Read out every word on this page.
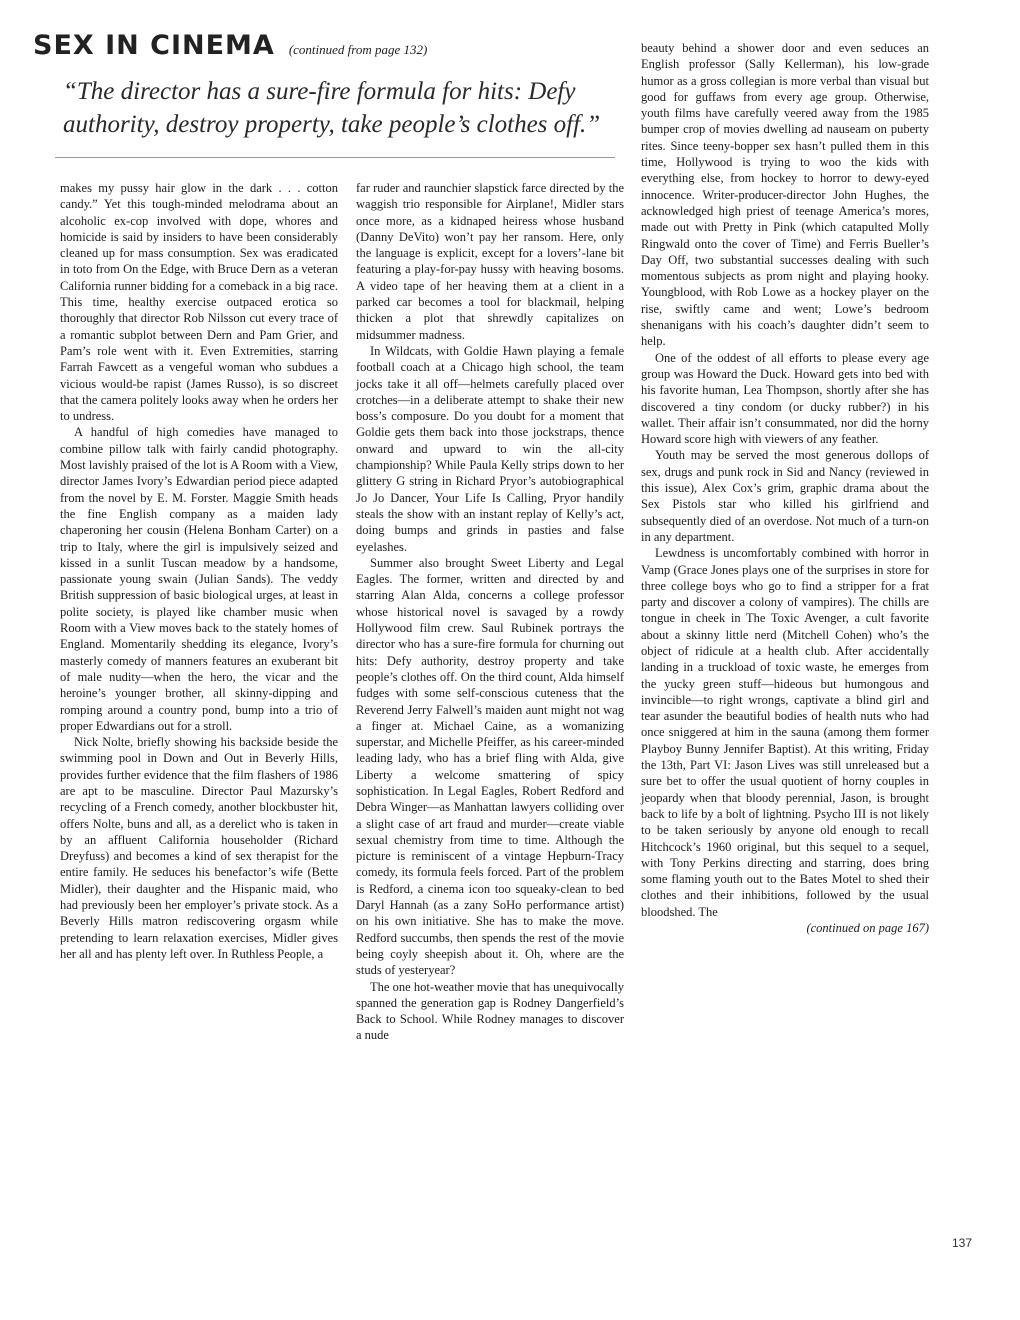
SEX IN CINEMA (continued from page 132)
“The director has a sure-fire formula for hits: Defy authority, destroy property, take people’s clothes off.”

makes my pussy hair glow in the dark . . . cotton candy.” Yet this tough-minded melodrama about an alcoholic ex-cop involved with dope, whores and homicide is said by insiders to have been considerably cleaned up for mass consumption. Sex was eradicated in toto from On the Edge, with Bruce Dern as a veteran California runner bidding for a comeback in a big race. This time, healthy exercise outpaced erotica so thoroughly that director Rob Nilsson cut every trace of a romantic subplot between Dern and Pam Grier, and Pam’s role went with it. Even Extremities, starring Farrah Fawcett as a vengeful woman who subdues a vicious would-be rapist (James Russo), is so discreet that the camera politely looks away when he orders her to undress.

A handful of high comedies have managed to combine pillow talk with fairly candid photography. Most lavishly praised of the lot is A Room with a View, director James Ivory’s Edwardian period piece adapted from the novel by E. M. Forster. Maggie Smith heads the fine English company as a maiden lady chaperoning her cousin (Helena Bonham Carter) on a trip to Italy, where the girl is impulsively seized and kissed in a sunlit Tuscan meadow by a handsome, passionate young swain (Julian Sands). The veddy British suppression of basic biological urges, at least in polite society, is played like chamber music when Room with a View moves back to the stately homes of England. Momentarily shedding its elegance, Ivory’s masterly comedy of manners features an exuberant bit of male nudity—when the hero, the vicar and the heroine’s younger brother, all skinny-dipping and romping around a country pond, bump into a trio of proper Edwardians out for a stroll.

Nick Nolte, briefly showing his backside beside the swimming pool in Down and Out in Beverly Hills, provides further evidence that the film flashers of 1986 are apt to be masculine. Director Paul Mazursky’s recycling of a French comedy, another blockbuster hit, offers Nolte, buns and all, as a derelict who is taken in by an affluent California householder (Richard Dreyfuss) and becomes a kind of sex therapist for the entire family. He seduces his benefactor’s wife (Bette Midler), their daughter and the Hispanic maid, who had previously been her employer’s private stock. As a Beverly Hills matron rediscovering orgasm while pretending to learn relaxation exercises, Midler gives her all and has plenty left over. In Ruthless People, a

far ruder and raunchier slapstick farce directed by the waggish trio responsible for Airplane!, Midler stars once more, as a kidnaped heiress whose husband (Danny DeVito) won’t pay her ransom. Here, only the language is explicit, except for a lovers’-lane bit featuring a play-for-pay hussy with heaving bosoms. A video tape of her heaving them at a client in a parked car becomes a tool for blackmail, helping thicken a plot that shrewdly capitalizes on midsummer madness.

In Wildcats, with Goldie Hawn playing a female football coach at a Chicago high school, the team jocks take it all off—helmets carefully placed over crotches—in a deliberate attempt to shake their new boss’s composure. Do you doubt for a moment that Goldie gets them back into those jockstraps, thence onward and upward to win the all-city championship? While Paula Kelly strips down to her glittery G string in Richard Pryor’s autobiographical Jo Jo Dancer, Your Life Is Calling, Pryor handily steals the show with an instant replay of Kelly’s act, doing bumps and grinds in pasties and false eyelashes.

Summer also brought Sweet Liberty and Legal Eagles. The former, written and directed by and starring Alan Alda, concerns a college professor whose historical novel is savaged by a rowdy Hollywood film crew. Saul Rubinek portrays the director who has a sure-fire formula for churning out hits: Defy authority, destroy property and take people’s clothes off. On the third count, Alda himself fudges with some self-conscious cuteness that the Reverend Jerry Falwell’s maiden aunt might not wag a finger at. Michael Caine, as a womanizing superstar, and Michelle Pfeiffer, as his career-minded leading lady, who has a brief fling with Alda, give Liberty a welcome smattering of spicy sophistication. In Legal Eagles, Robert Redford and Debra Winger—as Manhattan lawyers colliding over a slight case of art fraud and murder—create viable sexual chemistry from time to time. Although the picture is reminiscent of a vintage Hepburn-Tracy comedy, its formula feels forced. Part of the problem is Redford, a cinema icon too squeaky-clean to bed Daryl Hannah (as a zany SoHo performance artist) on his own initiative. She has to make the move. Redford succumbs, then spends the rest of the movie being coyly sheepish about it. Oh, where are the studs of yesteryear?

The one hot-weather movie that has unequivocally spanned the generation gap is Rodney Dangerfield’s Back to School. While Rodney manages to discover a nude

beauty behind a shower door and even seduces an English professor (Sally Kellerman), his low-grade humor as a gross collegian is more verbal than visual but good for guffaws from every age group. Otherwise, youth films have carefully veered away from the 1985 bumper crop of movies dwelling ad nauseam on puberty rites. Since teeny-bopper sex hasn’t pulled them in this time, Hollywood is trying to woo the kids with everything else, from hockey to horror to dewy-eyed innocence. Writer-producer-director John Hughes, the acknowledged high priest of teenage America’s mores, made out with Pretty in Pink (which catapulted Molly Ringwald onto the cover of Time) and Ferris Bueller’s Day Off, two substantial successes dealing with such momentous subjects as prom night and playing hooky. Youngblood, with Rob Lowe as a hockey player on the rise, swiftly came and went; Lowe’s bedroom shenanigans with his coach’s daughter didn’t seem to help.

One of the oddest of all efforts to please every age group was Howard the Duck. Howard gets into bed with his favorite human, Lea Thompson, shortly after she has discovered a tiny condom (or ducky rubber?) in his wallet. Their affair isn’t consummated, nor did the horny Howard score high with viewers of any feather.

Youth may be served the most generous dollops of sex, drugs and punk rock in Sid and Nancy (reviewed in this issue), Alex Cox’s grim, graphic drama about the Sex Pistols star who killed his girlfriend and subsequently died of an overdose. Not much of a turn-on in any department.

Lewdness is uncomfortably combined with horror in Vamp (Grace Jones plays one of the surprises in store for three college boys who go to find a stripper for a frat party and discover a colony of vampires). The chills are tongue in cheek in The Toxic Avenger, a cult favorite about a skinny little nerd (Mitchell Cohen) who’s the object of ridicule at a health club. After accidentally landing in a truckload of toxic waste, he emerges from the yucky green stuff—hideous but humongous and invincible—to right wrongs, captivate a blind girl and tear asunder the beautiful bodies of health nuts who had once sniggered at him in the sauna (among them former Playboy Bunny Jennifer Baptist). At this writing, Friday the 13th, Part VI: Jason Lives was still unreleased but a sure bet to offer the usual quotient of horny couples in jeopardy when that bloody perennial, Jason, is brought back to life by a bolt of lightning. Psycho III is not likely to be taken seriously by anyone old enough to recall Hitchcock’s 1960 original, but this sequel to a sequel, with Tony Perkins directing and starring, does bring some flaming youth out to the Bates Motel to shed their clothes and their inhibitions, followed by the usual bloodshed. The

(continued on page 167)
137
